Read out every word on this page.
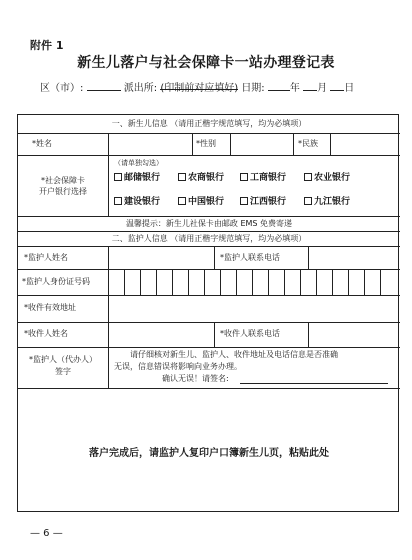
附件 1
新生儿落户与社会保障卡一站办理登记表
区（市）:	派出所: (印制前对应填好) 日期:	年 月 日
一、新生儿信息 （请用正楷字规范填写，均为必填项）
*姓名	*性别	*民族
*社会保障卡
开户银行选择
（请单独勾选）
邮储银行	农商银行	工商银行	农业银行
建设银行	中国银行	江西银行	九江银行
温馨提示：新生儿社保卡由邮政 EMS 免费寄递
二、监护人信息 （请用正楷字规范填写，均为必填项）
*监护人姓名	*监护人联系电话
*监护人身份证号码
*收件有效地址
*收件人姓名	*收件人联系电话
*监护人（代办人）
签字
请仔细核对新生儿、监护人、收件地址及电话信息是否准确
无误，信息错误将影响向业务办理。
确认无误！请签名:
落户完成后，请监护人复印户口簿新生儿页，粘贴此处
— 6 —
